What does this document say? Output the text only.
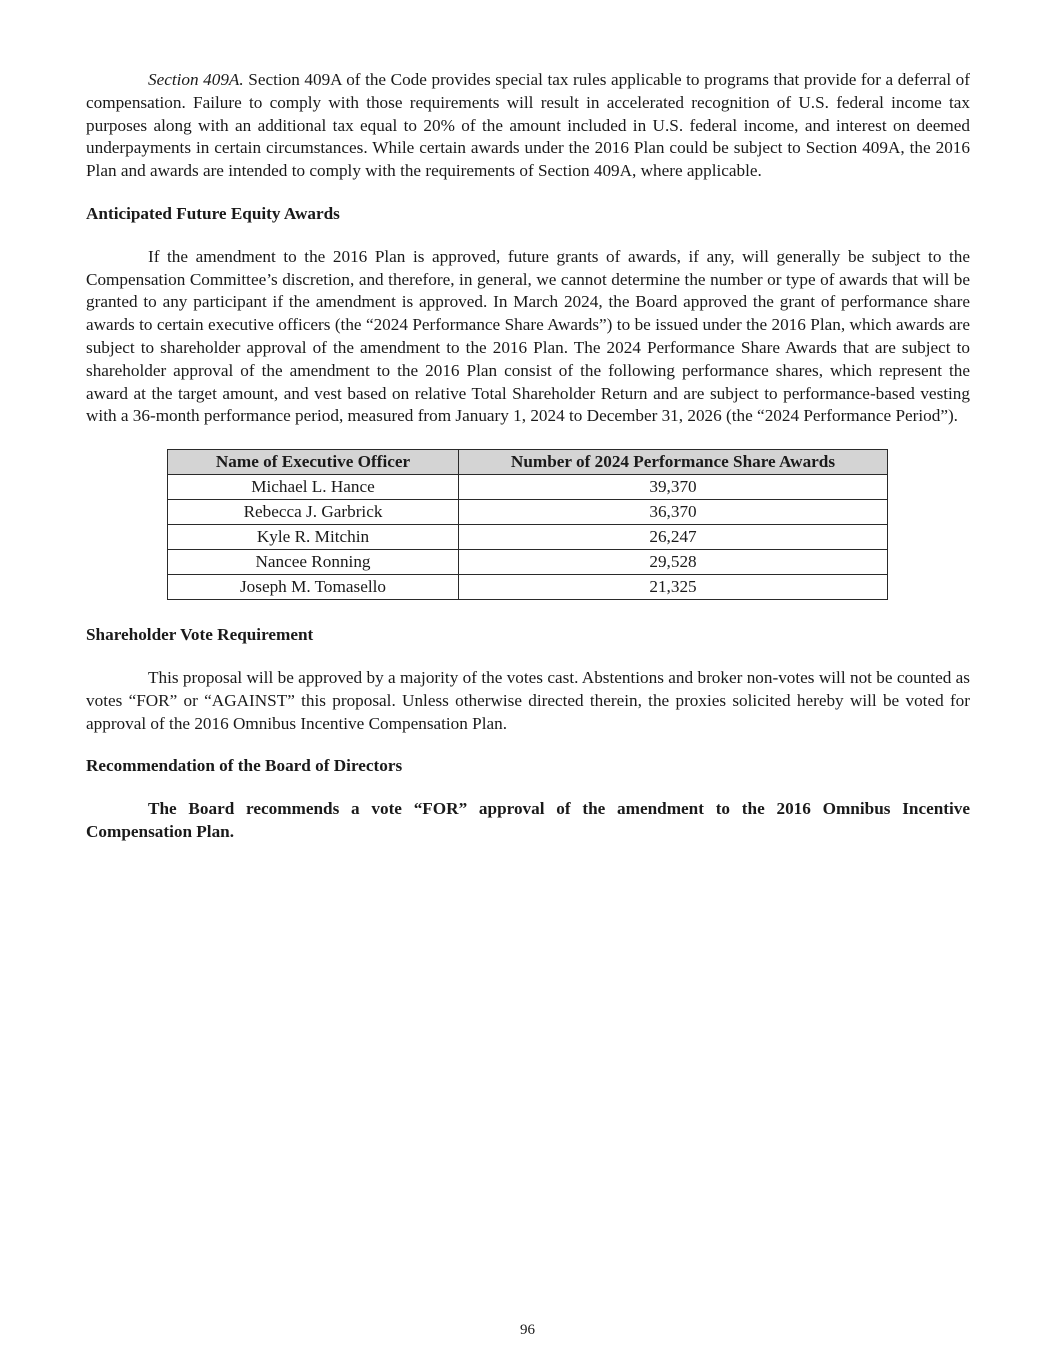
Section 409A. Section 409A of the Code provides special tax rules applicable to programs that provide for a deferral of compensation. Failure to comply with those requirements will result in accelerated recognition of U.S. federal income tax purposes along with an additional tax equal to 20% of the amount included in U.S. federal income, and interest on deemed underpayments in certain circumstances. While certain awards under the 2016 Plan could be subject to Section 409A, the 2016 Plan and awards are intended to comply with the requirements of Section 409A, where applicable.

Anticipated Future Equity Awards

If the amendment to the 2016 Plan is approved, future grants of awards, if any, will generally be subject to the Compensation Committee’s discretion, and therefore, in general, we cannot determine the number or type of awards that will be granted to any participant if the amendment is approved. In March 2024, the Board approved the grant of performance share awards to certain executive officers (the “2024 Performance Share Awards”) to be issued under the 2016 Plan, which awards are subject to shareholder approval of the amendment to the 2016 Plan. The 2024 Performance Share Awards that are subject to shareholder approval of the amendment to the 2016 Plan consist of the following performance shares, which represent the award at the target amount, and vest based on relative Total Shareholder Return and are subject to performance-based vesting with a 36-month performance period, measured from January 1, 2024 to December 31, 2026 (the “2024 Performance Period”).

Name of Executive Officer	Number of 2024 Performance Share Awards
Michael L. Hance	39,370
Rebecca J. Garbrick	36,370
Kyle R. Mitchin	26,247
Nancee Ronning	29,528
Joseph M. Tomasello	21,325
Shareholder Vote Requirement

This proposal will be approved by a majority of the votes cast. Abstentions and broker non-votes will not be counted as votes “FOR” or “AGAINST” this proposal. Unless otherwise directed therein, the proxies solicited hereby will be voted for approval of the 2016 Omnibus Incentive Compensation Plan.

Recommendation of the Board of Directors

The Board recommends a vote “FOR” approval of the amendment to the 2016 Omnibus Incentive Compensation Plan.

96
